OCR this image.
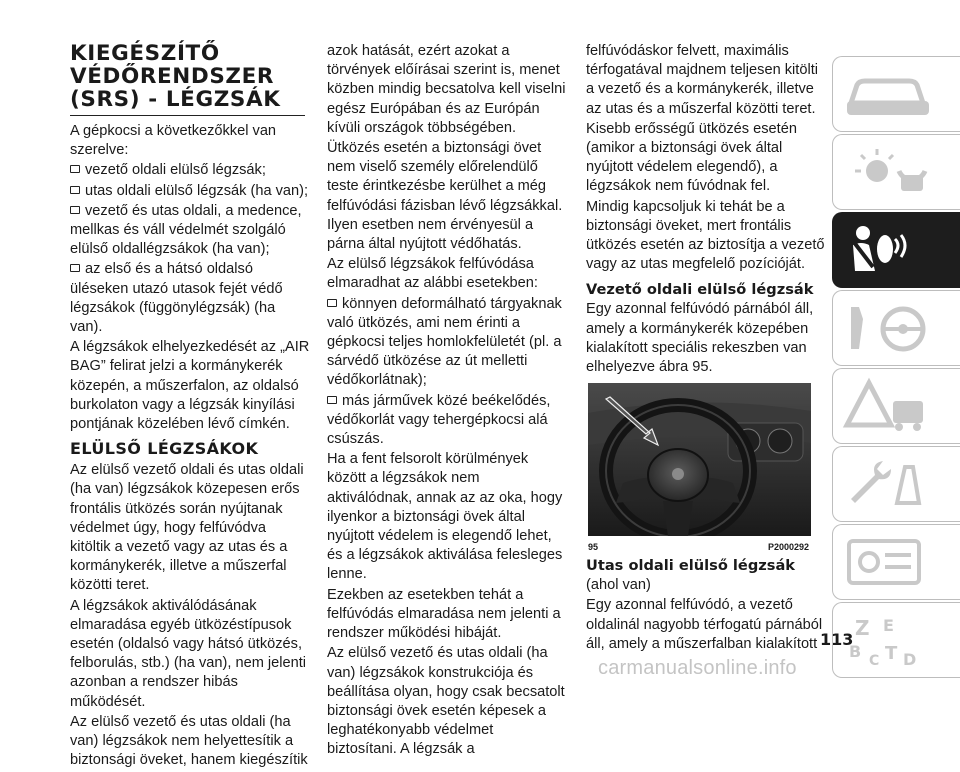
KIEGÉSZÍTŐ
VÉDŐRENDSZER
(SRS) - LÉGZSÁK

A gépkocsi a következőkkel van szerelve:

vezető oldali elülső légzsák;

utas oldali elülső légzsák (ha van);

vezető és utas oldali, a medence, mellkas és váll védelmét szolgáló elülső oldallégzsákok (ha van);

az első és a hátsó oldalsó üléseken utazó utasok fejét védő légzsákok (függönylégzsák) (ha van).

A légzsákok elhelyezkedését az „AIR BAG” felirat jelzi a kormánykerék közepén, a műszerfalon, az oldalsó burkolaton vagy a légzsák kinyílási pontjának közelében lévő címkén.

ELÜLSŐ LÉGZSÁKOK

Az elülső vezető oldali és utas oldali (ha van) légzsákok közepesen erős frontális ütközés során nyújtanak védelmet úgy, hogy felfúvódva kitöltik a vezető vagy az utas és a kormánykerék, illetve a műszerfal közötti teret.

A légzsákok aktiválódásának elmaradása egyéb ütközéstípusok esetén (oldalsó vagy hátsó ütközés, felborulás, stb.) (ha van), nem jelenti azonban a rendszer hibás működését.

Az elülső vezető és utas oldali (ha van) légzsákok nem helyettesítik a biztonsági öveket, hanem kiegészítik

azok hatását, ezért azokat a törvények előírásai szerint is, menet közben mindig becsatolva kell viselni egész Európában és az Európán kívüli országok többségében.

Ütközés esetén a biztonsági övet nem viselő személy előrelendülő teste érintkezésbe kerülhet a még felfúvódási fázisban lévő légzsákkal. Ilyen esetben nem érvényesül a párna által nyújtott védőhatás.

Az elülső légzsákok felfúvódása elmaradhat az alábbi esetekben:

könnyen deformálható tárgyaknak való ütközés, ami nem érinti a gépkocsi teljes homlokfelületét (pl. a sárvédő ütközése az út melletti védőkorlátnak);

más járművek közé beékelődés, védőkorlát vagy tehergépkocsi alá csúszás.

Ha a fent felsorolt körülmények között a légzsákok nem aktiválódnak, annak az az oka, hogy ilyenkor a biztonsági övek által nyújtott védelem is elegendő lehet, és a légzsákok aktiválása felesleges lenne.

Ezekben az esetekben tehát a felfúvódás elmaradása nem jelenti a rendszer működési hibáját.

Az elülső vezető és utas oldali (ha van) légzsákok konstrukciója és beállítása olyan, hogy csak becsatolt biztonsági övek esetén képesek a leghatékonyabb védelmet biztosítani. A légzsák a

felfúvódáskor felvett, maximális térfogatával majdnem teljesen kitölti a vezető és a kormánykerék, illetve az utas és a műszerfal közötti teret.

Kisebb erősségű ütközés esetén (amikor a biztonsági övek által nyújtott védelem elegendő), a légzsákok nem fúvódnak fel.

Mindig kapcsoljuk ki tehát be a biztonsági öveket, mert frontális ütközés esetén az biztosítja a vezető vagy az utas megfelelő pozícióját.

Vezető oldali elülső légzsák

Egy azonnal felfúvódó párnából áll, amely a kormánykerék közepében kialakított speciális rekeszben van elhelyezve ábra 95.

95	P2000292
Utas oldali elülső légzsák

(ahol van)

Egy azonnal felfúvódó, a vezető oldalinál nagyobb térfogatú párnából áll, amely a műszerfalban kialakított

Z E
B C T D
113
carmanualsonline.info
